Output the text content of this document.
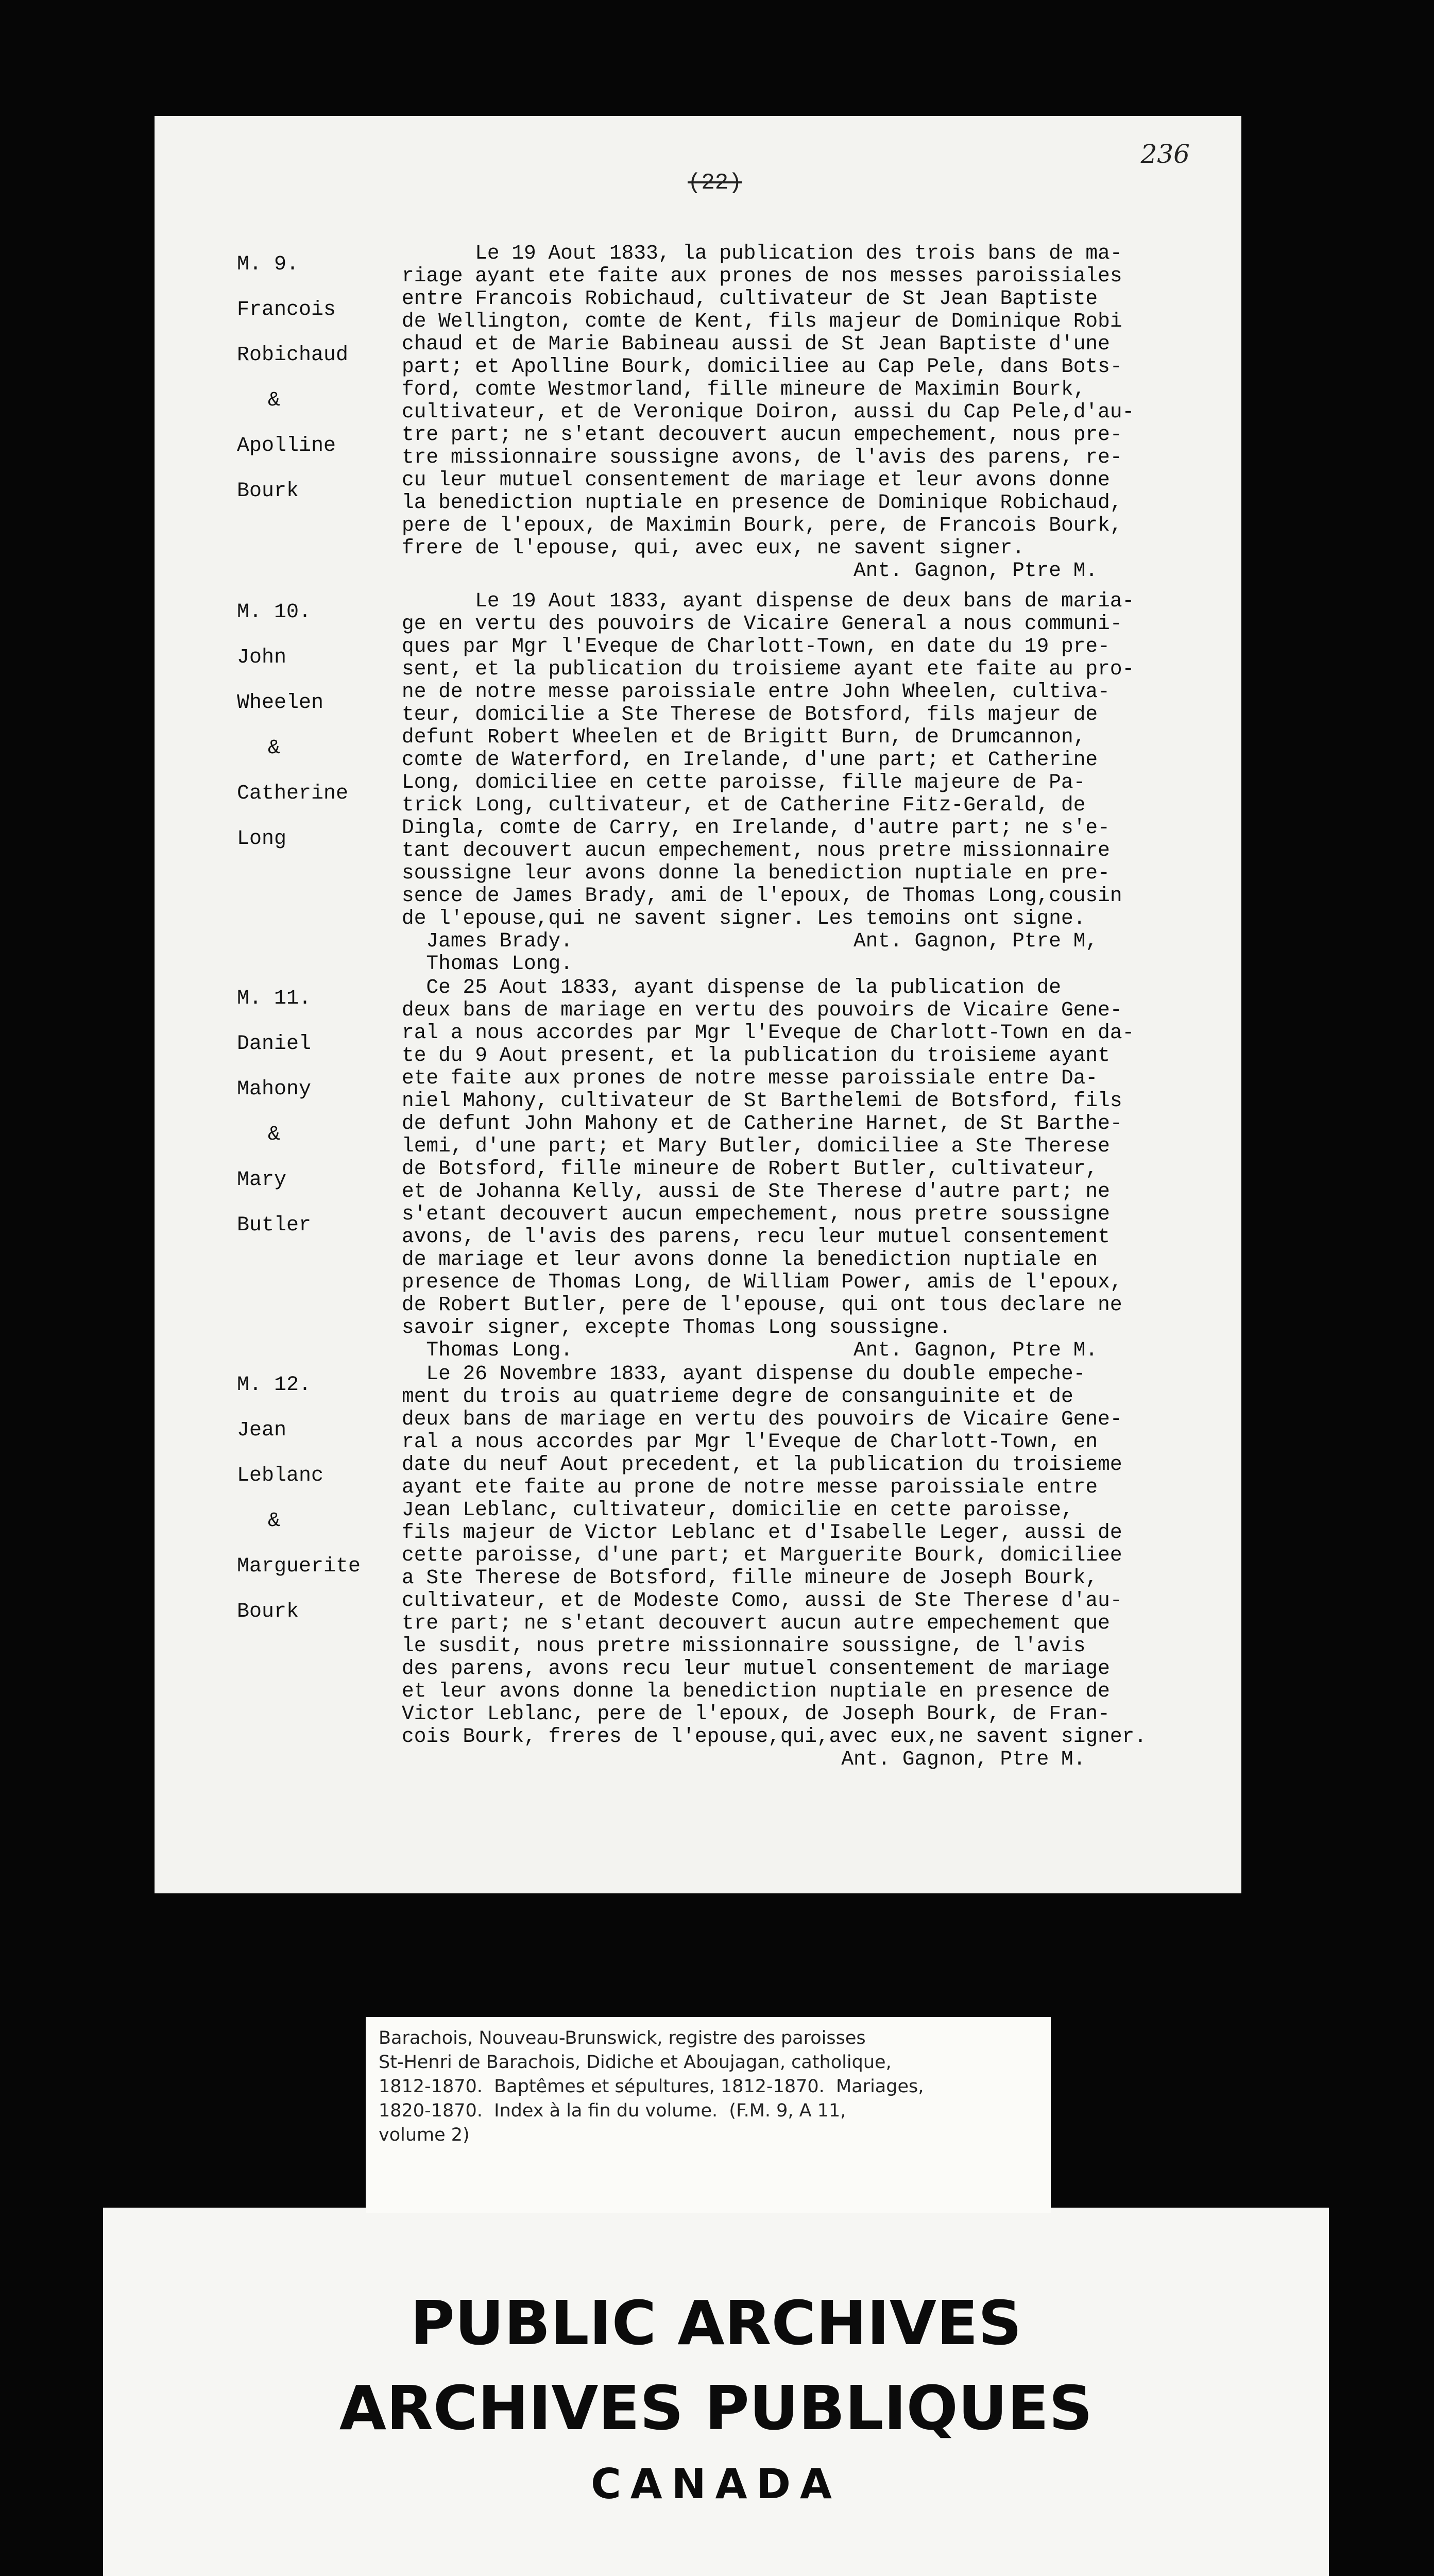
236
(22)
M. 9.
Francois
Robichaud
&
Apolline
Bourk
Le 19 Aout 1833, la publication des trois bans de ma-
riage ayant ete faite aux prones de nos messes paroissiales
entre Francois Robichaud, cultivateur de St Jean Baptiste
de Wellington, comte de Kent, fils majeur de Dominique Robi
chaud et de Marie Babineau aussi de St Jean Baptiste d'une
part; et Apolline Bourk, domiciliee au Cap Pele, dans Bots-
ford, comte Westmorland, fille mineure de Maximin Bourk,
cultivateur, et de Veronique Doiron, aussi du Cap Pele,d'au-
tre part; ne s'etant decouvert aucun empechement, nous pre-
tre missionnaire soussigne avons, de l'avis des parens, re-
cu leur mutuel consentement de mariage et leur avons donne
la benediction nuptiale en presence de Dominique Robichaud,
pere de l'epoux, de Maximin Bourk, pere, de Francois Bourk,
frere de l'epouse, qui, avec eux, ne savent signer.
Ant. Gagnon, Ptre M.
M. 10.
John
Wheelen
&
Catherine
Long
Le 19 Aout 1833, ayant dispense de deux bans de maria-
ge en vertu des pouvoirs de Vicaire General a nous communi-
ques par Mgr l'Eveque de Charlott-Town, en date du 19 pre-
sent, et la publication du troisieme ayant ete faite au pro-
ne de notre messe paroissiale entre John Wheelen, cultiva-
teur, domicilie a Ste Therese de Botsford, fils majeur de
defunt Robert Wheelen et de Brigitt Burn, de Drumcannon,
comte de Waterford, en Irelande, d'une part; et Catherine
Long, domiciliee en cette paroisse, fille majeure de Pa-
trick Long, cultivateur, et de Catherine Fitz-Gerald, de
Dingla, comte de Carry, en Irelande, d'autre part; ne s'e-
tant decouvert aucun empechement, nous pretre missionnaire
soussigne leur avons donne la benediction nuptiale en pre-
sence de James Brady, ami de l'epoux, de Thomas Long,cousin
de l'epouse,qui ne savent signer. Les temoins ont signe.
James Brady.                       Ant. Gagnon, Ptre M,
Thomas Long.
M. 11.
Daniel
Mahony
&
Mary
Butler
Ce 25 Aout 1833, ayant dispense de la publication de
deux bans de mariage en vertu des pouvoirs de Vicaire Gene-
ral a nous accordes par Mgr l'Eveque de Charlott-Town en da-
te du 9 Aout present, et la publication du troisieme ayant
ete faite aux prones de notre messe paroissiale entre Da-
niel Mahony, cultivateur de St Barthelemi de Botsford, fils
de defunt John Mahony et de Catherine Harnet, de St Barthe-
lemi, d'une part; et Mary Butler, domiciliee a Ste Therese
de Botsford, fille mineure de Robert Butler, cultivateur,
et de Johanna Kelly, aussi de Ste Therese d'autre part; ne
s'etant decouvert aucun empechement, nous pretre soussigne
avons, de l'avis des parens, recu leur mutuel consentement
de mariage et leur avons donne la benediction nuptiale en
presence de Thomas Long, de William Power, amis de l'epoux,
de Robert Butler, pere de l'epouse, qui ont tous declare ne
savoir signer, excepte Thomas Long soussigne.
Thomas Long.                       Ant. Gagnon, Ptre M.
M. 12.
Jean
Leblanc
&
Marguerite
Bourk
Le 26 Novembre 1833, ayant dispense du double empeche-
ment du trois au quatrieme degre de consanguinite et de
deux bans de mariage en vertu des pouvoirs de Vicaire Gene-
ral a nous accordes par Mgr l'Eveque de Charlott-Town, en
date du neuf Aout precedent, et la publication du troisieme
ayant ete faite au prone de notre messe paroissiale entre
Jean Leblanc, cultivateur, domicilie en cette paroisse,
fils majeur de Victor Leblanc et d'Isabelle Leger, aussi de
cette paroisse, d'une part; et Marguerite Bourk, domiciliee
a Ste Therese de Botsford, fille mineure de Joseph Bourk,
cultivateur, et de Modeste Como, aussi de Ste Therese d'au-
tre part; ne s'etant decouvert aucun autre empechement que
le susdit, nous pretre missionnaire soussigne, de l'avis
des parens, avons recu leur mutuel consentement de mariage
et leur avons donne la benediction nuptiale en presence de
Victor Leblanc, pere de l'epoux, de Joseph Bourk, de Fran-
cois Bourk, freres de l'epouse,qui,avec eux,ne savent signer.
Ant. Gagnon, Ptre M.
PUBLIC ARCHIVES
ARCHIVES PUBLIQUES
CANADA
Barachois, Nouveau-Brunswick, registre des paroisses
St-Henri de Barachois, Didiche et Aboujagan, catholique,
1812-1870.  Baptêmes et sépultures, 1812-1870.  Mariages,
1820-1870.  Index à la fin du volume.  (F.M. 9, A 11,
volume 2)
